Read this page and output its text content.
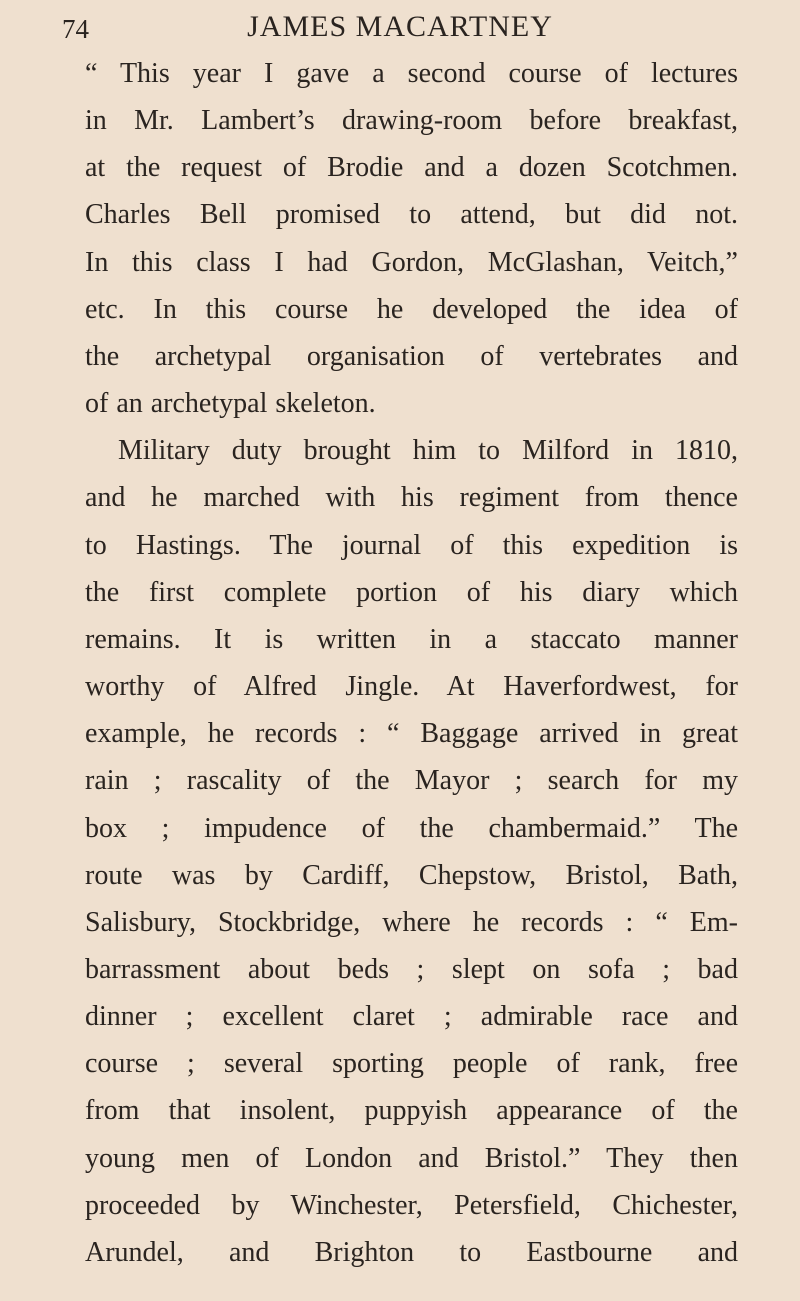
74	JAMES MACARTNEY
“ This year I gave a second course of lectures
in Mr. Lambert’s drawing-room before breakfast,
at the request of Brodie and a dozen Scotchmen.
Charles Bell promised to attend, but did not.
In this class I had Gordon, McGlashan, Veitch,”
etc. In this course he developed the idea of
the archetypal organisation of vertebrates and
of an archetypal skeleton.
Military duty brought him to Milford in 1810,
and he marched with his regiment from thence
to Hastings. The journal of this expedition is
the first complete portion of his diary which
remains. It is written in a staccato manner
worthy of Alfred Jingle. At Haverfordwest, for
example, he records : “ Baggage arrived in great
rain ; rascality of the Mayor ; search for my
box ; impudence of the chambermaid.” The
route was by Cardiff, Chepstow, Bristol, Bath,
Salisbury, Stockbridge, where he records : “ Em-
barrassment about beds ; slept on sofa ; bad
dinner ; excellent claret ; admirable race and
course ; several sporting people of rank, free
from that insolent, puppyish appearance of the
young men of London and Bristol.” They then
proceeded by Winchester, Petersfield, Chichester,
Arundel, and Brighton to Eastbourne and
